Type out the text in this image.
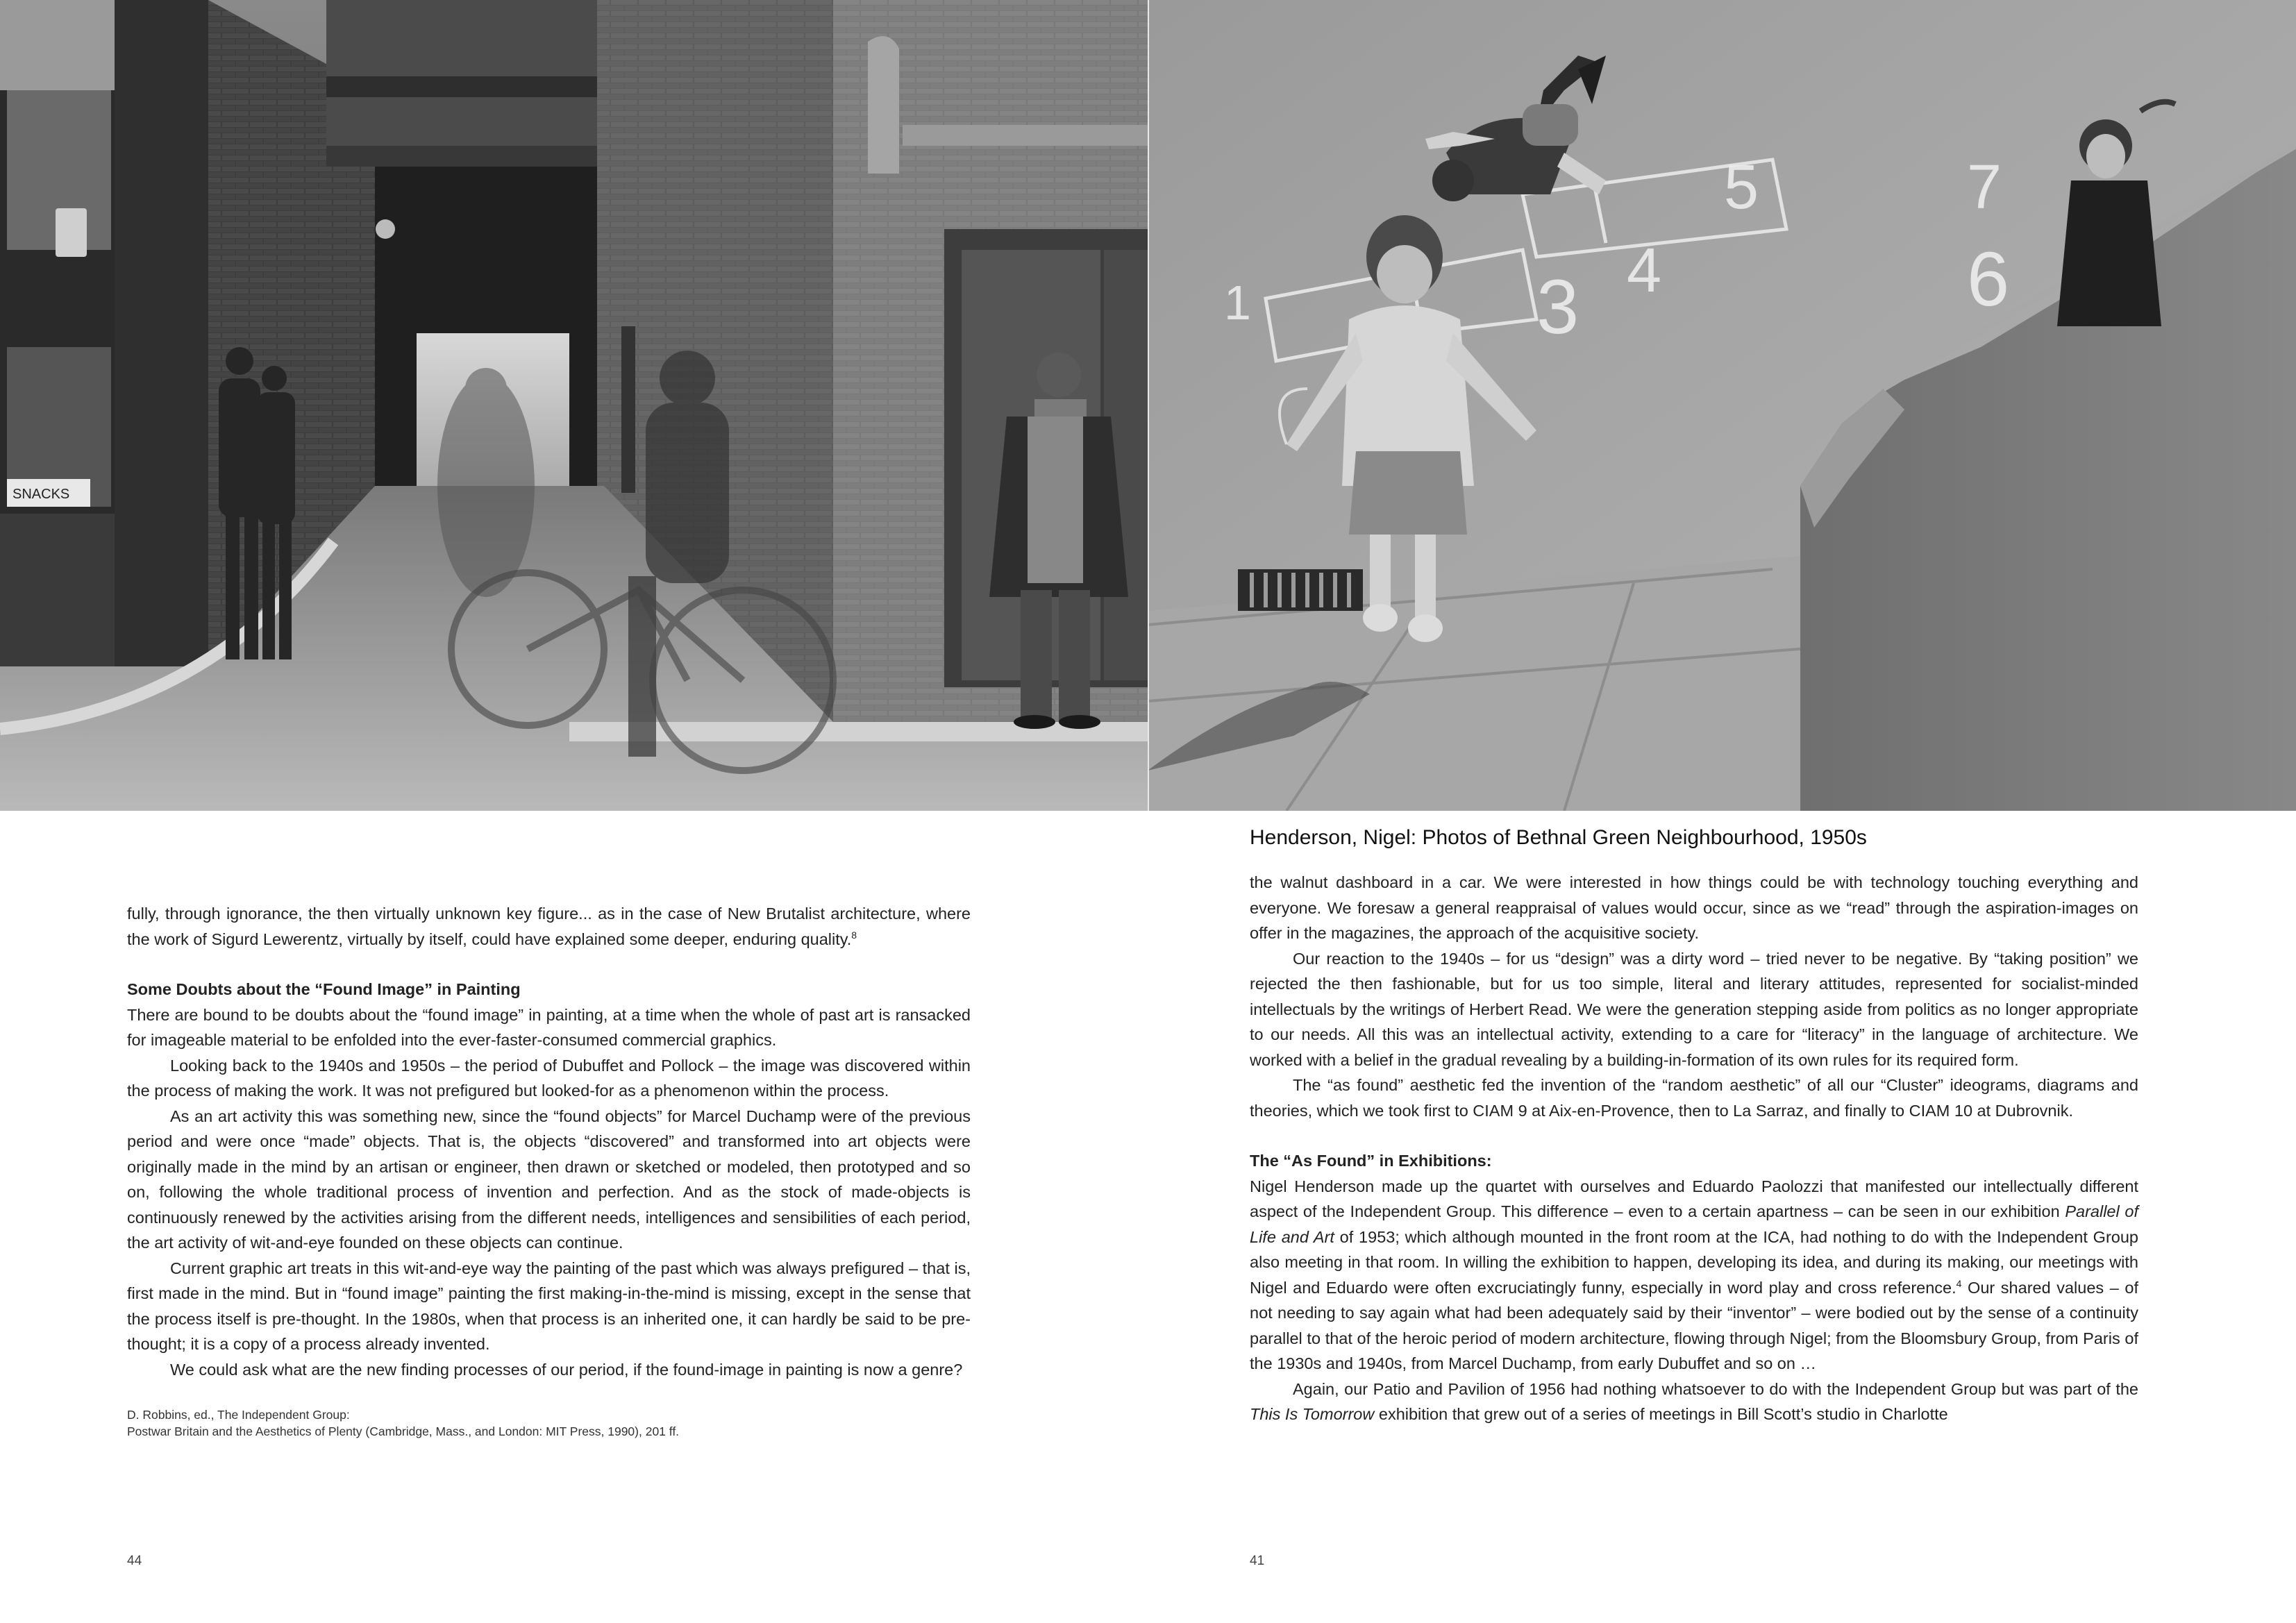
SNACKS
1	3 4
5
6
7
Henderson, Nigel: Photos of Bethnal Green Neighbourhood, 1950s

fully, through ignorance, the then virtually unknown key figure... as in the case of New Brutalist architecture, where the work of Sigurd Lewerentz, virtually by itself, could have explained some deeper, enduring quality.$^8$

Some Doubts about the “Found Image” in Painting

There are bound to be doubts about the “found image” in painting, at a time when the whole of past art is ransacked for imageable material to be enfolded into the ever-faster-consumed commercial graphics.

Looking back to the 1940s and 1950s – the period of Dubuffet and Pollock – the image was discovered within the process of making the work. It was not prefigured but looked-for as a phenomenon within the process.

As an art activity this was something new, since the “found objects” for Marcel Duchamp were of the previous period and were once “made” objects. That is, the objects “discovered” and transformed into art objects were originally made in the mind by an artisan or engineer, then drawn or sketched or modeled, then prototyped and so on, following the whole traditional process of invention and perfection. And as the stock of made-objects is continuously renewed by the activities arising from the different needs, intelligences and sensibilities of each period, the art activity of wit-and-eye founded on these objects can continue.

Current graphic art treats in this wit-and-eye way the painting of the past which was always prefigured – that is, first made in the mind. But in “found image” painting the first making-in-the-mind is missing, except in the sense that the process itself is pre-thought. In the 1980s, when that process is an inherited one, it can hardly be said to be pre-thought; it is a copy of a process already invented.

We could ask what are the new finding processes of our period, if the found-image in painting is now a genre?

D. Robbins, ed., The Independent Group:
Postwar Britain and the Aesthetics of Plenty (Cambridge, Mass., and London: MIT Press, 1990), 201 ff.

the walnut dashboard in a car. We were interested in how things could be with technology touching everything and everyone. We foresaw a general reappraisal of values would occur, since as we “read” through the aspiration-images on offer in the magazines, the approach of the acquisitive society.

Our reaction to the 1940s – for us “design” was a dirty word – tried never to be negative. By “taking position” we rejected the then fashionable, but for us too simple, literal and literary attitudes, represented for socialist-minded intellectuals by the writings of Herbert Read. We were the generation stepping aside from politics as no longer appropriate to our needs. All this was an intellectual activity, extending to a care for “literacy” in the language of architecture. We worked with a belief in the gradual revealing by a building-in-formation of its own rules for its required form.

The “as found” aesthetic fed the invention of the “random aesthetic” of all our “Cluster” ideograms, diagrams and theories, which we took first to CIAM 9 at Aix-en-Provence, then to La Sarraz, and finally to CIAM 10 at Dubrovnik.

The “As Found” in Exhibitions:

Nigel Henderson made up the quartet with ourselves and Eduardo Paolozzi that manifested our intellectually different aspect of the Independent Group. This difference – even to a certain apartness – can be seen in our exhibition Parallel of Life and Art of 1953; which although mounted in the front room at the ICA, had nothing to do with the Independent Group also meeting in that room. In willing the exhibition to happen, developing its idea, and during its making, our meetings with Nigel and Eduardo were often excruciatingly funny, especially in word play and cross reference.$^4$ Our shared values – of not needing to say again what had been adequately said by their “inventor” – were bodied out by the sense of a continuity parallel to that of the heroic period of modern architecture, flowing through Nigel; from the Bloomsbury Group, from Paris of the 1930s and 1940s, from Marcel Duchamp, from early Dubuffet and so on …

Again, our Patio and Pavilion of 1956 had nothing whatsoever to do with the Independent Group but was part of the This Is Tomorrow exhibition that grew out of a series of meetings in Bill Scott’s studio in Charlotte

44	41
